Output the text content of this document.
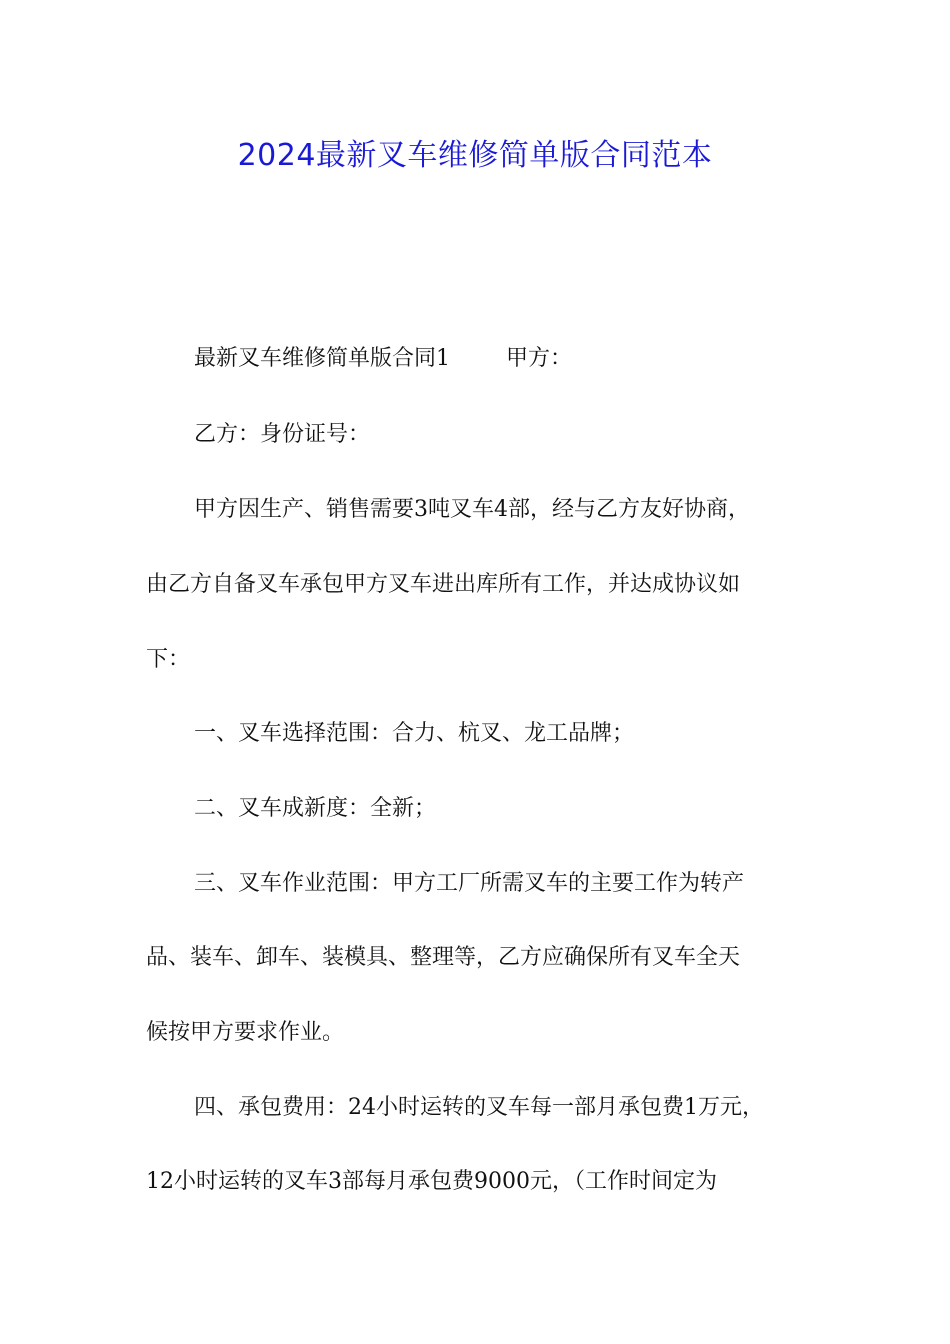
2024最新叉车维修简单版合同范本
最新叉车维修简单版合同1	甲方：
乙方：身份证号：
甲方因生产、销售需要3吨叉车4部，经与乙方友好协商，
由乙方自备叉车承包甲方叉车进出库所有工作，并达成协议如
下：
一、叉车选择范围：合力、杭叉、龙工品牌；
二、叉车成新度：全新；
三、叉车作业范围：甲方工厂所需叉车的主要工作为转产
品、装车、卸车、装模具、整理等，乙方应确保所有叉车全天
候按甲方要求作业。
四、承包费用：24小时运转的叉车每一部月承包费1万元，
12小时运转的叉车3部每月承包费9000元，（工作时间定为
